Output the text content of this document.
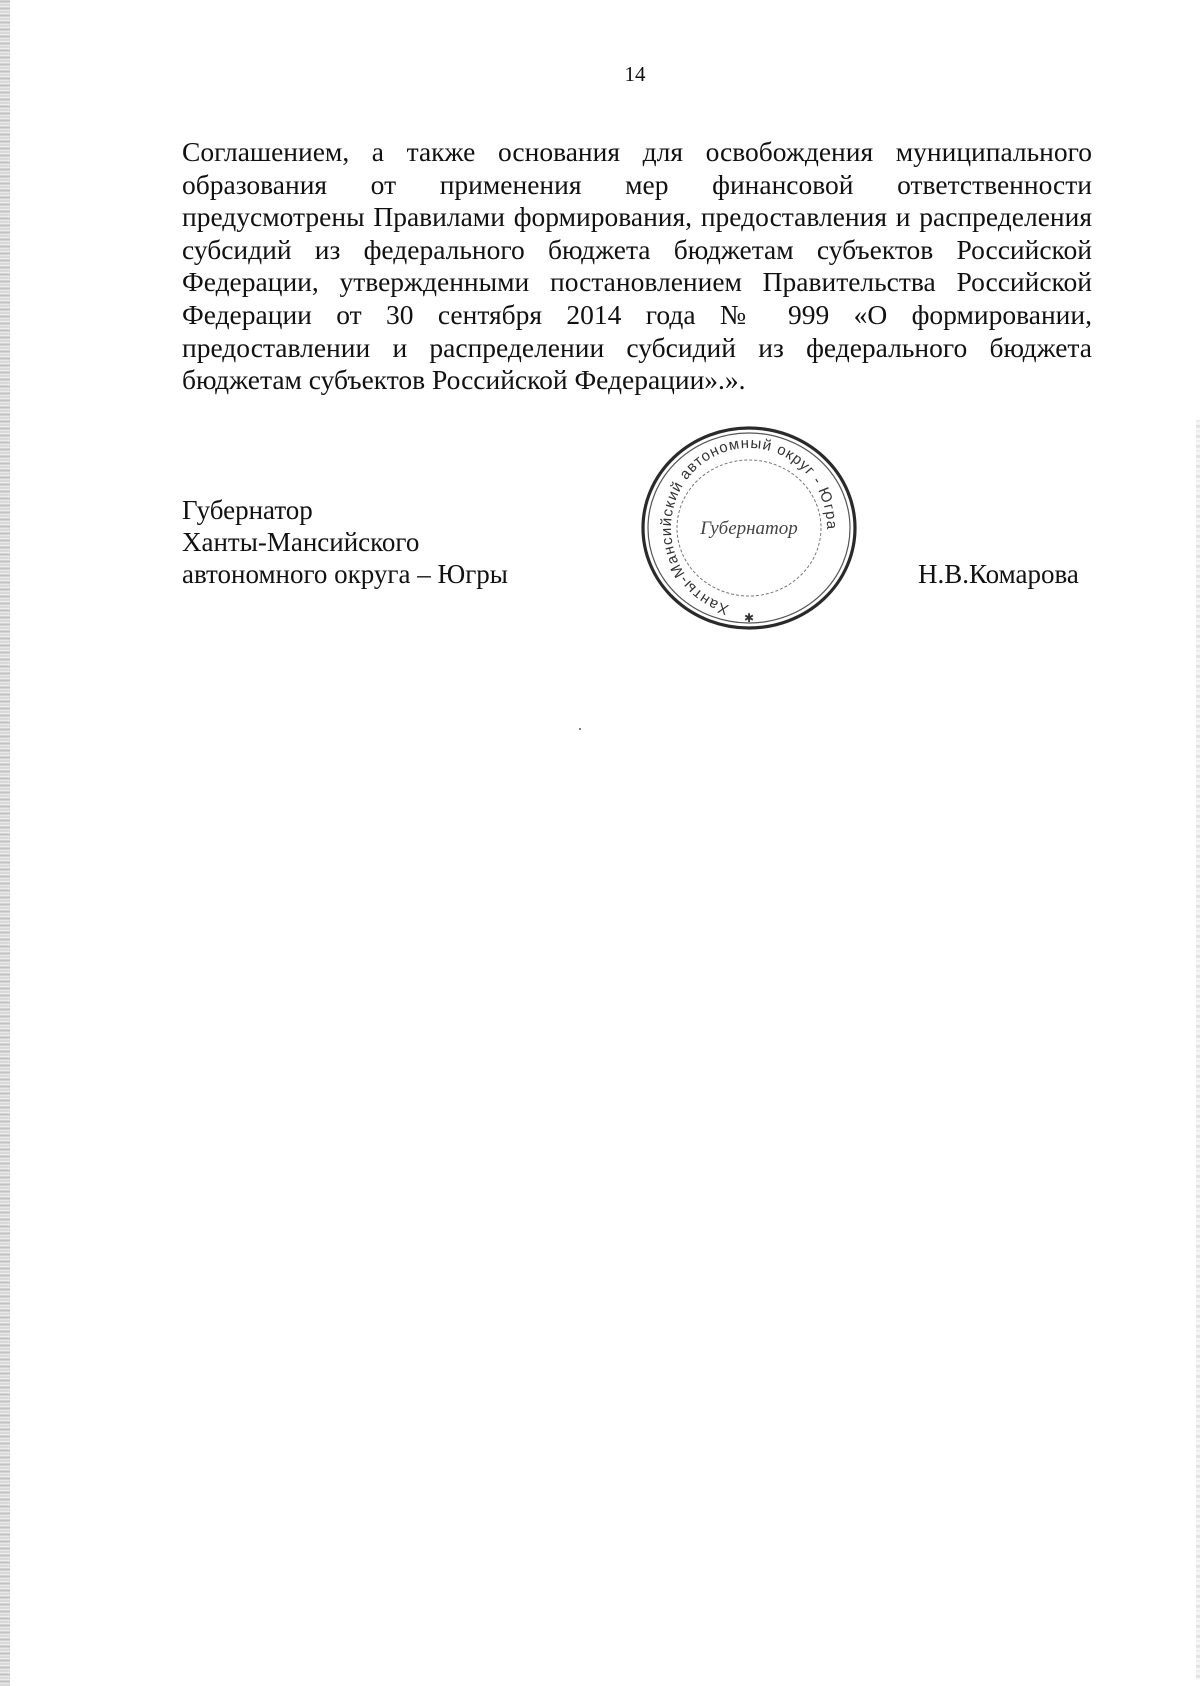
14

Соглашением, а также основания для освобождения муниципального образования от применения мер финансовой ответственности предусмотрены Правилами формирования, предоставления и распределения субсидий из федерального бюджета бюджетам субъектов Российской Федерации, утвержденными постановлением Правительства Российской Федерации от 30 сентября 2014 года № 999 «О формировании, предоставлении и распределении субсидий из федерального бюджета бюджетам субъектов Российской Федерации».».

Губернатор
Ханты-Мансийского
автономного округа – Югры
Ханты-Мансийский автономный округ - Югра
Губернатор
✱
Н.В.Комарова
